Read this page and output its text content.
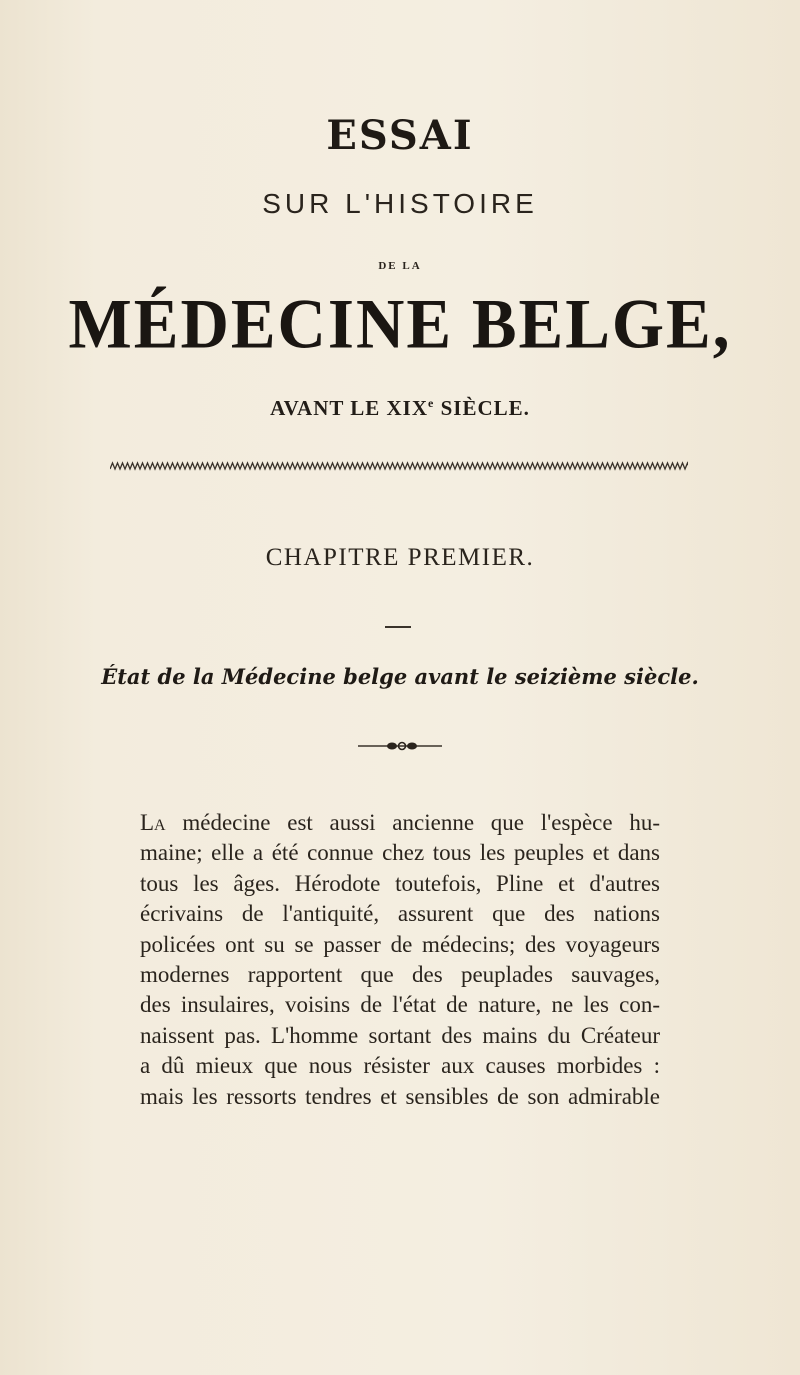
ESSAI
SUR L'HISTOIRE
DE LA
MÉDECINE BELGE,
AVANT LE XIXe SIÈCLE.
CHAPITRE PREMIER.
État de la Médecine belge avant le seizième siècle.
La médecine est aussi ancienne que l'espèce hu-
maine; elle a été connue chez tous les peuples et dans
tous les âges. Hérodote toutefois, Pline et d'autres
écrivains de l'antiquité, assurent que des nations
policées ont su se passer de médecins; des voyageurs
modernes rapportent que des peuplades sauvages,
des insulaires, voisins de l'état de nature, ne les con-
naissent pas. L'homme sortant des mains du Créateur
a dû mieux que nous résister aux causes morbides :
mais les ressorts tendres et sensibles de son admirable
